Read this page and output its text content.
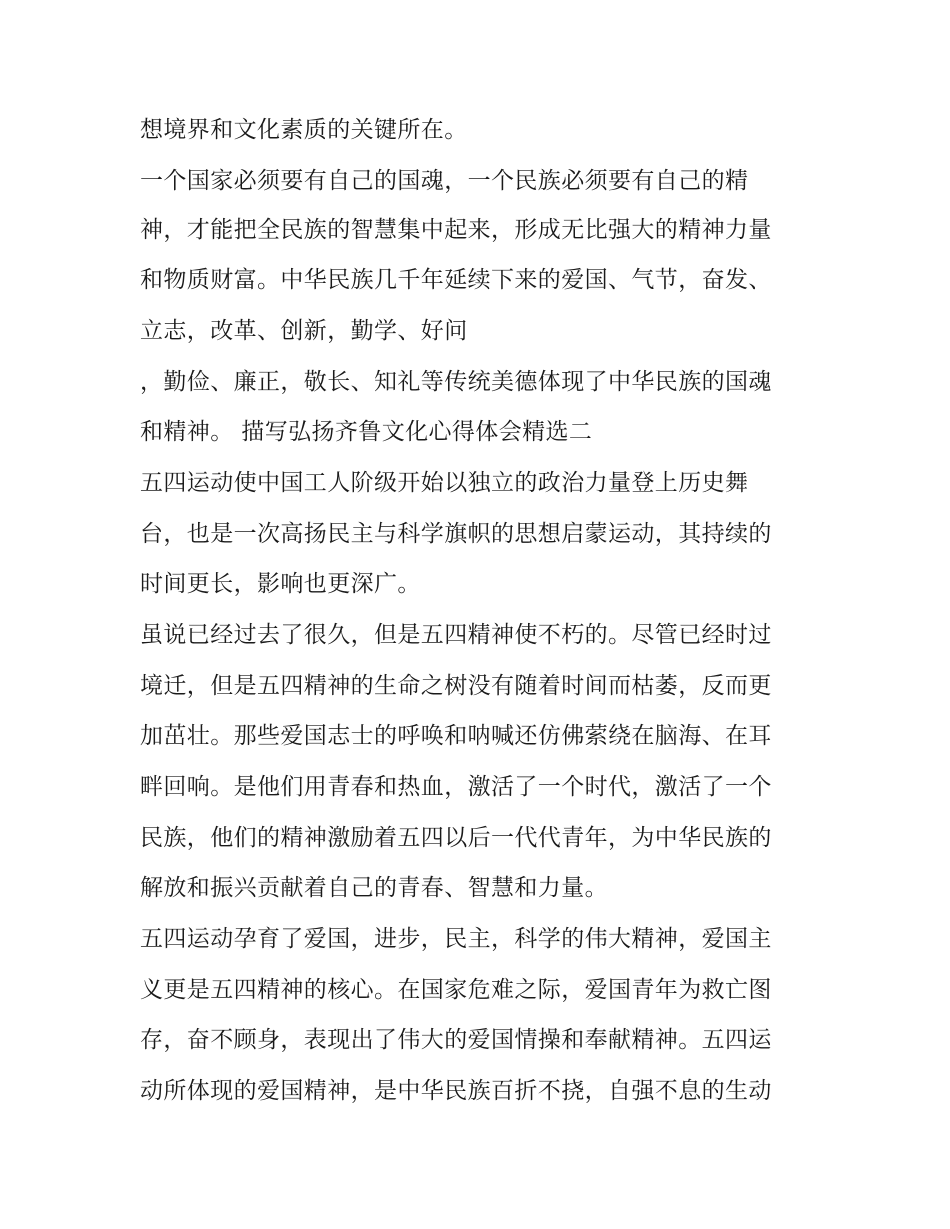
想境界和文化素质的关键所在。
一个国家必须要有自己的国魂，一个民族必须要有自己的精
神，才能把全民族的智慧集中起来，形成无比强大的精神力量
和物质财富。中华民族几千年延续下来的爱国、气节，奋发、
立志，改革、创新，勤学、好问
，勤俭、廉正，敬长、知礼等传统美德体现了中华民族的国魂
和精神。 描写弘扬齐鲁文化心得体会精选二
五四运动使中国工人阶级开始以独立的政治力量登上历史舞
台，也是一次高扬民主与科学旗帜的思想启蒙运动，其持续的
时间更长，影响也更深广。
虽说已经过去了很久，但是五四精神使不朽的。尽管已经时过
境迁，但是五四精神的生命之树没有随着时间而枯萎，反而更
加茁壮。那些爱国志士的呼唤和呐喊还仿佛萦绕在脑海、在耳
畔回响。是他们用青春和热血，激活了一个时代，激活了一个
民族，他们的精神激励着五四以后一代代青年，为中华民族的
解放和振兴贡献着自己的青春、智慧和力量。
五四运动孕育了爱国，进步，民主，科学的伟大精神，爱国主
义更是五四精神的核心。在国家危难之际，爱国青年为救亡图
存，奋不顾身，表现出了伟大的爱国情操和奉献精神。五四运
动所体现的爱国精神，是中华民族百折不挠，自强不息的生动
